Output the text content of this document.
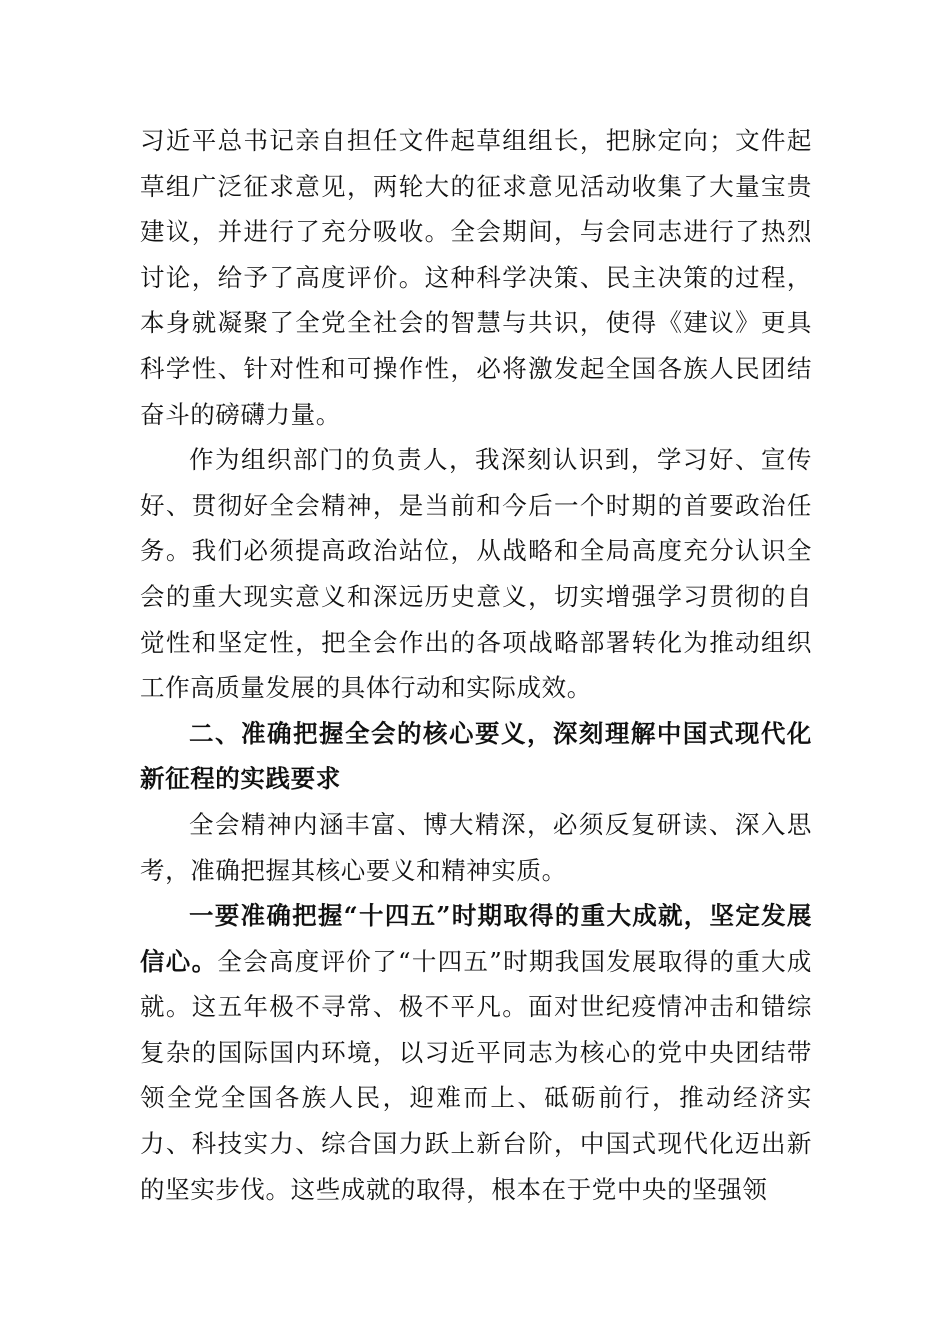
习近平总书记亲自担任文件起草组组长，把脉定向；文件起草组广泛征求意见，两轮大的征求意见活动收集了大量宝贵建议，并进行了充分吸收。全会期间，与会同志进行了热烈讨论，给予了高度评价。这种科学决策、民主决策的过程，本身就凝聚了全党全社会的智慧与共识，使得《建议》更具科学性、针对性和可操作性，必将激发起全国各族人民团结奋斗的磅礴力量。

作为组织部门的负责人，我深刻认识到，学习好、宣传好、贯彻好全会精神，是当前和今后一个时期的首要政治任务。我们必须提高政治站位，从战略和全局高度充分认识全会的重大现实意义和深远历史意义，切实增强学习贯彻的自觉性和坚定性，把全会作出的各项战略部署转化为推动组织工作高质量发展的具体行动和实际成效。

二、准确把握全会的核心要义，深刻理解中国式现代化新征程的实践要求

全会精神内涵丰富、博大精深，必须反复研读、深入思考，准确把握其核心要义和精神实质。

一要准确把握“十四五”时期取得的重大成就，坚定发展信心。全会高度评价了“十四五”时期我国发展取得的重大成就。这五年极不寻常、极不平凡。面对世纪疫情冲击和错综复杂的国际国内环境，以习近平同志为核心的党中央团结带领全党全国各族人民，迎难而上、砥砺前行，推动经济实力、科技实力、综合国力跃上新台阶，中国式现代化迈出新的坚实步伐。这些成就的取得，根本在于党中央的坚强领
